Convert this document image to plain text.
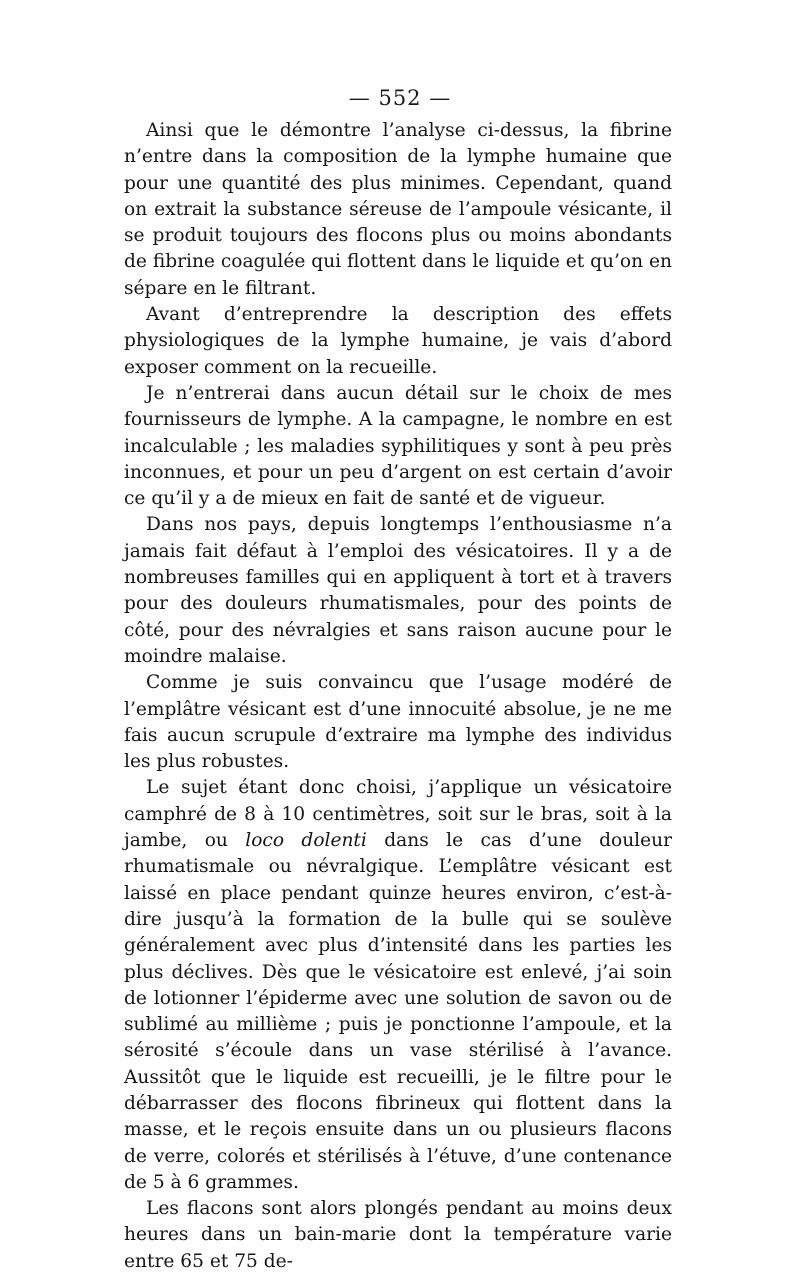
— 552 —

Ainsi que le démontre l’analyse ci-dessus, la fibrine n’entre dans la composition de la lymphe humaine que pour une quantité des plus minimes. Cependant, quand on extrait la substance séreuse de l’ampoule vésicante, il se produit toujours des flocons plus ou moins abondants de fibrine coagulée qui flottent dans le liquide et qu’on en sépare en le filtrant.

Avant d’entreprendre la description des effets physiologiques de la lymphe humaine, je vais d’abord exposer comment on la recueille.

Je n’entrerai dans aucun détail sur le choix de mes fournisseurs de lymphe. A la campagne, le nombre en est incalculable ; les maladies syphilitiques y sont à peu près inconnues, et pour un peu d’argent on est certain d’avoir ce qu’il y a de mieux en fait de santé et de vigueur.

Dans nos pays, depuis longtemps l’enthousiasme n’a jamais fait défaut à l’emploi des vésicatoires. Il y a de nombreuses familles qui en appliquent à tort et à travers pour des douleurs rhumatismales, pour des points de côté, pour des névralgies et sans raison aucune pour le moindre malaise.

Comme je suis convaincu que l’usage modéré de l’emplâtre vésicant est d’une innocuité absolue, je ne me fais aucun scrupule d’extraire ma lymphe des individus les plus robustes.

Le sujet étant donc choisi, j’applique un vésicatoire camphré de 8 à 10 centimètres, soit sur le bras, soit à la jambe, ou loco dolenti dans le cas d’une douleur rhumatismale ou névralgique. L’emplâtre vésicant est laissé en place pendant quinze heures environ, c’est-à-dire jusqu’à la formation de la bulle qui se soulève généralement avec plus d’intensité dans les parties les plus déclives. Dès que le vésicatoire est enlevé, j’ai soin de lotionner l’épiderme avec une solution de savon ou de sublimé au millième ; puis je ponctionne l’ampoule, et la sérosité s’écoule dans un vase stérilisé à l’avance. Aussitôt que le liquide est recueilli, je le filtre pour le débarrasser des flocons fibrineux qui flottent dans la masse, et le reçois ensuite dans un ou plusieurs flacons de verre, colorés et stérilisés à l’étuve, d’une contenance de 5 à 6 grammes.

Les flacons sont alors plongés pendant au moins deux heures dans un bain-marie dont la température varie entre 65 et 75 de-
